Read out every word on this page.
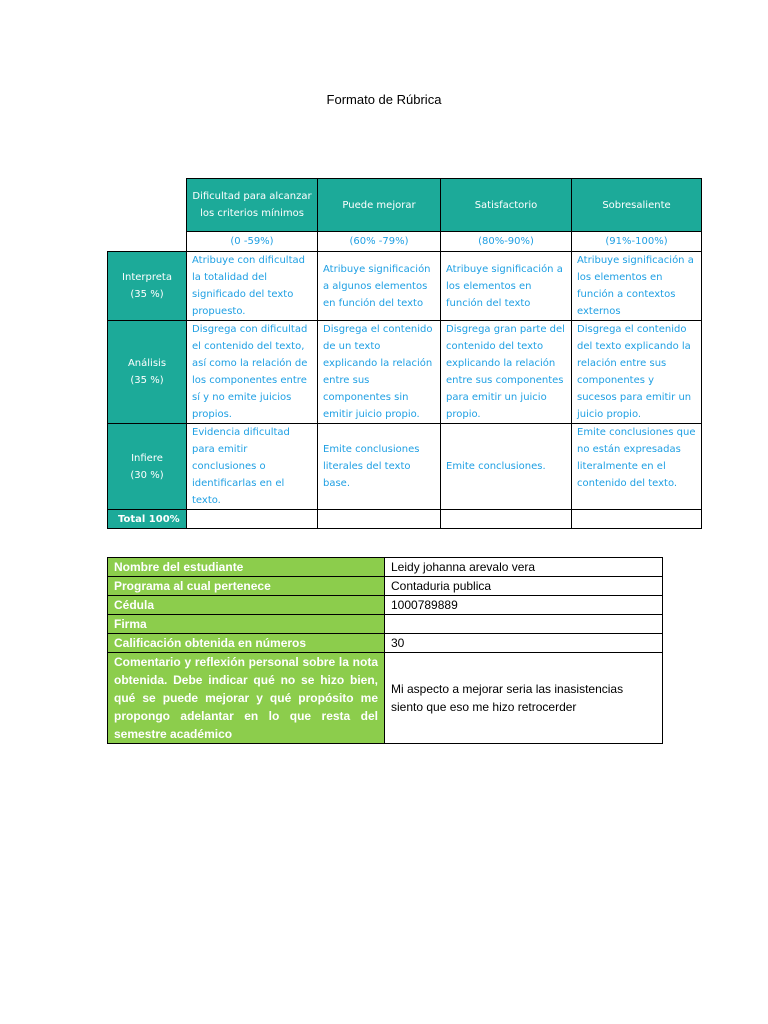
Formato de Rúbrica
	Dificultad para alcanzar los criterios mínimos	Puede mejorar	Satisfactorio	Sobresaliente
	(0 -59%)	(60% -79%)	(80%-90%)	(91%-100%)

Interpreta
(35 %)	Atribuye con dificultad la totalidad del significado del texto propuesto.	Atribuye significación a algunos elementos en función del texto	Atribuye significación a los elementos en función del texto	Atribuye significación a los elementos en función a contextos externos

Análisis
(35 %)	Disgrega con dificultad el contenido del texto, así como la relación de los componentes entre sí y no emite juicios propios.	Disgrega el contenido de un texto explicando la relación entre sus componentes sin emitir juicio propio.	Disgrega gran parte del contenido del texto explicando la relación entre sus componentes para emitir un juicio propio.	Disgrega el contenido del texto explicando la relación entre sus componentes y sucesos para emitir un juicio propio.

Infiere
(30 %)	Evidencia dificultad para emitir conclusiones o identificarlas en el texto.	Emite conclusiones literales del texto base.	Emite conclusiones.	Emite conclusiones que no están expresadas literalmente en el contenido del texto.
Total 100%				
Nombre del estudiante	Leidy johanna arevalo vera
Programa al cual pertenece	Contaduria publica
Cédula	1000789889
Firma	
Calificación obtenida en números	30
Comentario y reflexión personal sobre la nota obtenida. Debe indicar qué no se hizo bien, qué se puede mejorar y qué propósito me propongo adelantar en lo que resta del semestre académico	Mi aspecto a mejorar seria las inasistencias siento que eso me hizo retrocerder
